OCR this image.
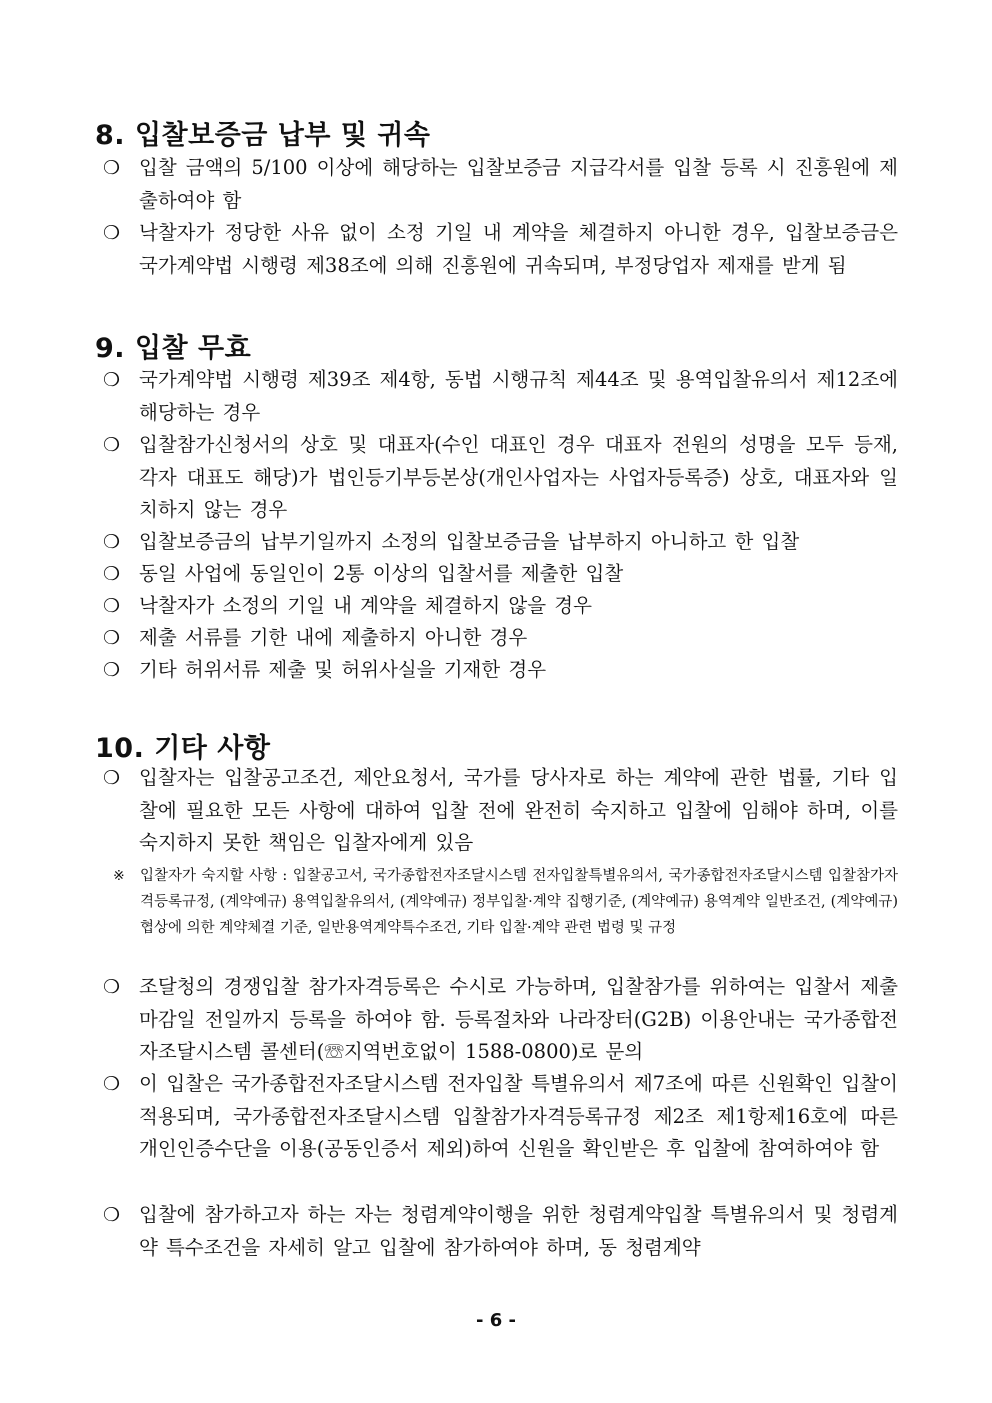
8. 입찰보증금 납부 및 귀속
❍ 입찰 금액의 5/100 이상에 해당하는 입찰보증금 지급각서를 입찰 등록 시 진흥원에 제출하여야 함
❍ 낙찰자가 정당한 사유 없이 소정 기일 내 계약을 체결하지 아니한 경우, 입찰보증금은 국가계약법 시행령 제38조에 의해 진흥원에 귀속되며, 부정당업자 제재를 받게 됨
9. 입찰 무효
❍ 국가계약법 시행령 제39조 제4항, 동법 시행규칙 제44조 및 용역입찰유의서 제12조에 해당하는 경우
❍ 입찰참가신청서의 상호 및 대표자(수인 대표인 경우 대표자 전원의 성명을 모두 등재, 각자 대표도 해당)가 법인등기부등본상(개인사업자는 사업자등록증) 상호, 대표자와 일치하지 않는 경우
❍ 입찰보증금의 납부기일까지 소정의 입찰보증금을 납부하지 아니하고 한 입찰
❍ 동일 사업에 동일인이 2통 이상의 입찰서를 제출한 입찰
❍ 낙찰자가 소정의 기일 내 계약을 체결하지 않을 경우
❍ 제출 서류를 기한 내에 제출하지 아니한 경우
❍ 기타 허위서류 제출 및 허위사실을 기재한 경우
10. 기타 사항
❍ 입찰자는 입찰공고조건, 제안요청서, 국가를 당사자로 하는 계약에 관한 법률, 기타 입찰에 필요한 모든 사항에 대하여 입찰 전에 완전히 숙지하고 입찰에 임해야 하며, 이를 숙지하지 못한 책임은 입찰자에게 있음
※ 입찰자가 숙지할 사항 : 입찰공고서, 국가종합전자조달시스템 전자입찰특별유의서, 국가종합전자조달시스템 입찰참가자격등록규정, (계약예규) 용역입찰유의서, (계약예규) 정부입찰·계약 집행기준, (계약예규) 용역계약 일반조건, (계약예규) 협상에 의한 계약체결 기준, 일반용역계약특수조건, 기타 입찰·계약 관련 법령 및 규정
❍ 조달청의 경쟁입찰 참가자격등록은 수시로 가능하며, 입찰참가를 위하여는 입찰서 제출 마감일 전일까지 등록을 하여야 함. 등록절차와 나라장터(G2B) 이용안내는 국가종합전자조달시스템 콜센터(☏지역번호없이 1588-0800)로 문의
❍ 이 입찰은 국가종합전자조달시스템 전자입찰 특별유의서 제7조에 따른 신원확인 입찰이 적용되며, 국가종합전자조달시스템 입찰참가자격등록규정 제2조 제1항제16호에 따른 개인인증수단을 이용(공동인증서 제외)하여 신원을 확인받은 후 입찰에 참여하여야 함
❍ 입찰에 참가하고자 하는 자는 청렴계약이행을 위한 청렴계약입찰 특별유의서 및 청렴계약 특수조건을 자세히 알고 입찰에 참가하여야 하며, 동 청렴계약
- 6 -
